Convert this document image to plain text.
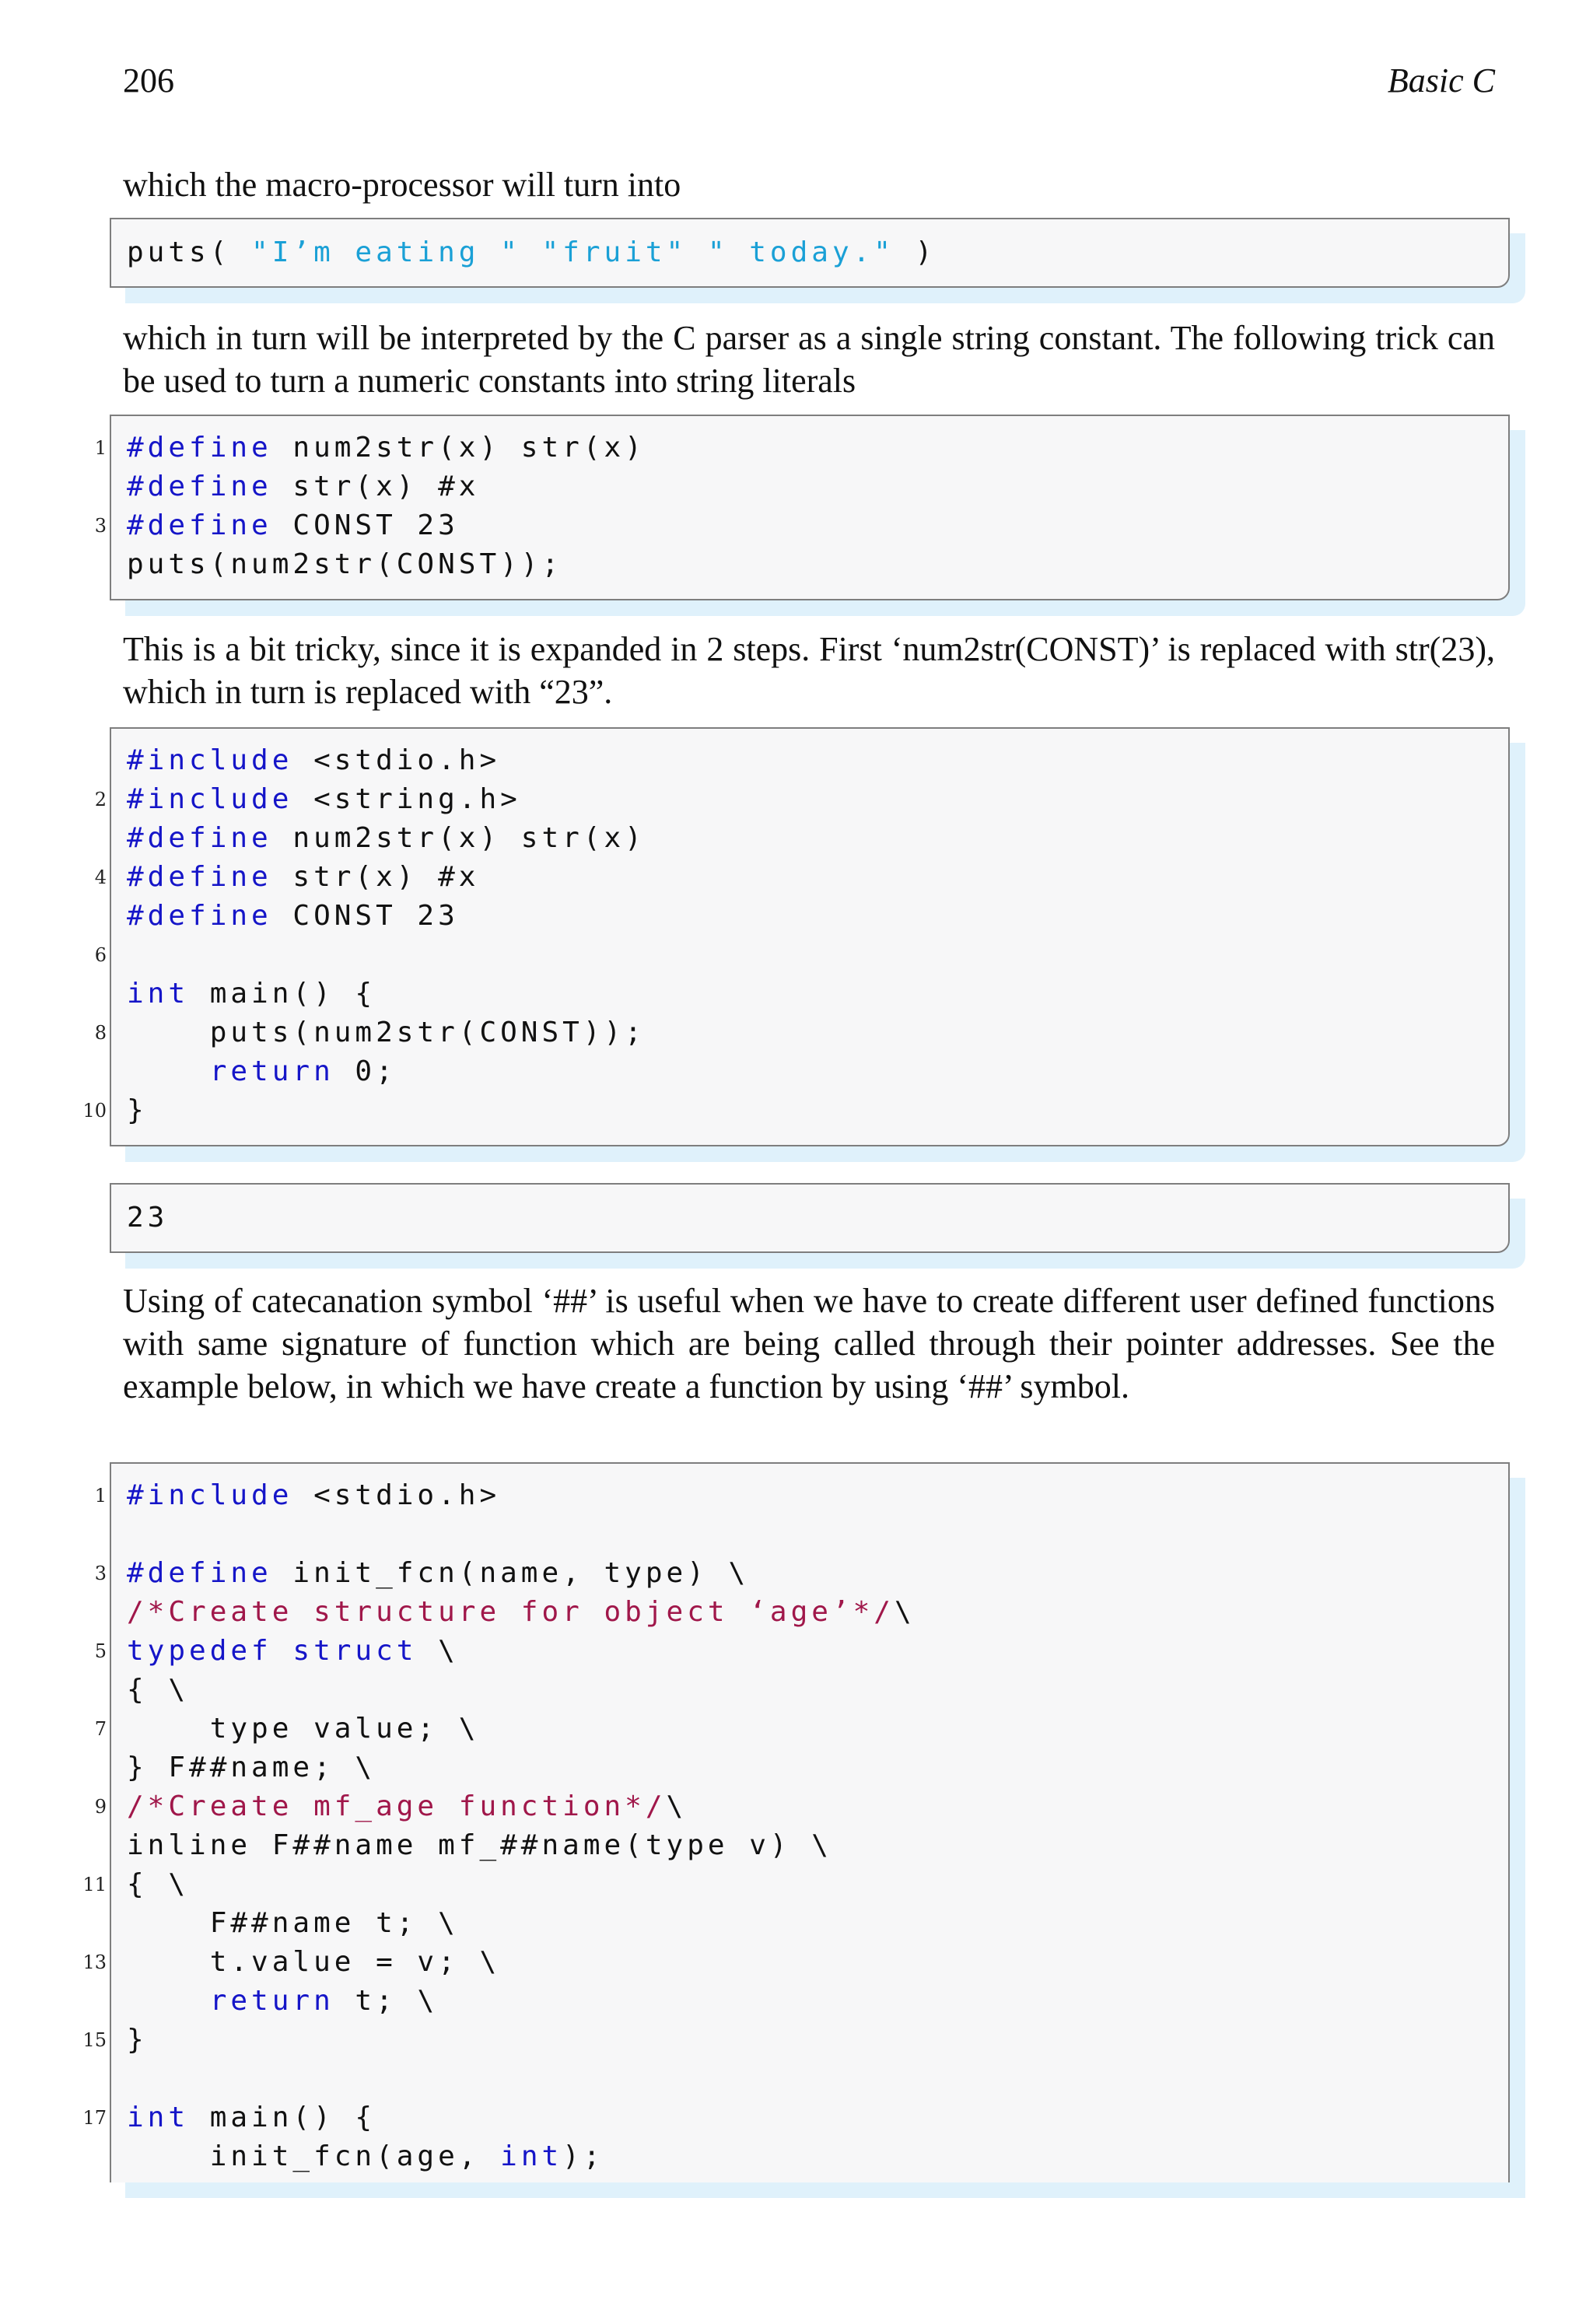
206	Basic C

which the macro-processor will turn into

puts( "I’m eating " "fruit" " today." )

which in turn will be interpreted by the C parser as a single string constant. The following trick can be used to turn a numeric constants into string literals

1 #define num2str(x) str(x)
#define str(x) #x
3 #define CONST 23
puts(num2str(CONST));

This is a bit tricky, since it is expanded in 2 steps. First ‘num2str(CONST)’ is replaced with str(23), which in turn is replaced with “23”.

#include <stdio.h>
2 #include <string.h>
#define num2str(x) str(x)
4 #define str(x) #x
#define CONST 23
6
int main() {
8 puts(num2str(CONST));
return 0;
10 }
23

Using of catecanation symbol ‘##’ is useful when we have to create different user defined functions with same signature of function which are being called through their pointer addresses. See the example below, in which we have create a function by using ‘##’ symbol.

1 #include <stdio.h>
3 #define init_fcn(name, type) \
/*Create structure for object ‘age’*/\
5 typedef struct \
{ \
7 type value; \
} F##name; \
9 /*Create mf_age function*/\
inline F##name mf_##name(type v) \
11 { \
F##name t; \
13 t.value = v; \
return t; \
15 }
17 int main() {
init_fcn(age, int);
